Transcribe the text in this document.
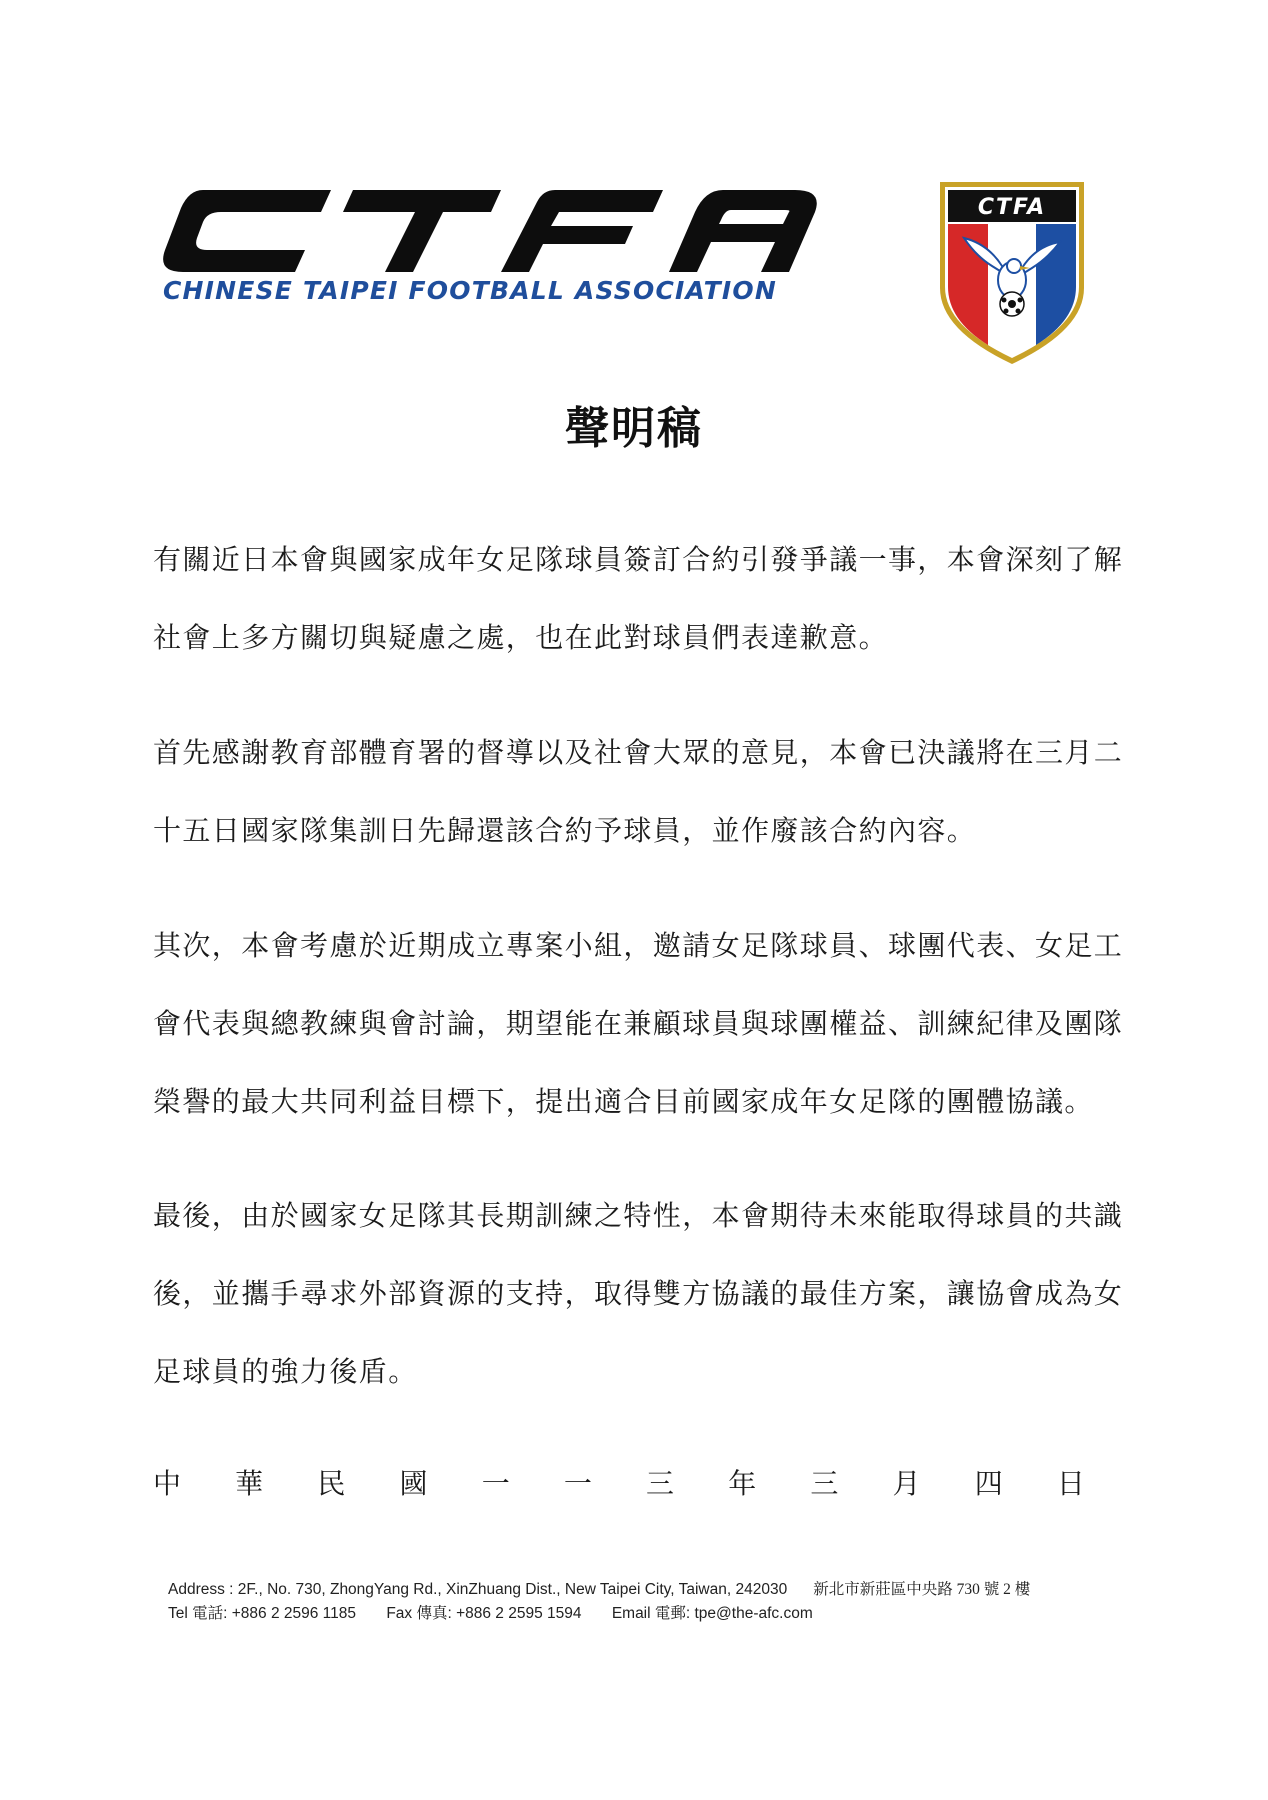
CHINESE TAIPEI FOOTBALL ASSOCIATION
CTFA
聲明稿
有關近日本會與國家成年女足隊球員簽訂合約引發爭議一事，本會深刻了解
社會上多方關切與疑慮之處，也在此對球員們表達歉意。
首先感謝教育部體育署的督導以及社會大眾的意見，本會已決議將在三月二
十五日國家隊集訓日先歸還該合約予球員，並作廢該合約內容。
其次，本會考慮於近期成立專案小組，邀請女足隊球員、球團代表、女足工
會代表與總教練與會討論，期望能在兼顧球員與球團權益、訓練紀律及團隊
榮譽的最大共同利益目標下，提出適合目前國家成年女足隊的團體協議。
最後，由於國家女足隊其長期訓練之特性，本會期待未來能取得球員的共識
後，並攜手尋求外部資源的支持，取得雙方協議的最佳方案，讓協會成為女
足球員的強力後盾。
中 華 民 國 一 一 三 年 三 月 四 日
Address : 2F., No. 730, ZhongYang Rd., XinZhuang Dist., New Taipei City, Taiwan, 242030 新北市新莊區中央路 730 號 2 樓
Tel 電話: +886 2 2596 1185 Fax 傳真: +886 2 2595 1594 Email 電郵: tpe@the-afc.com
